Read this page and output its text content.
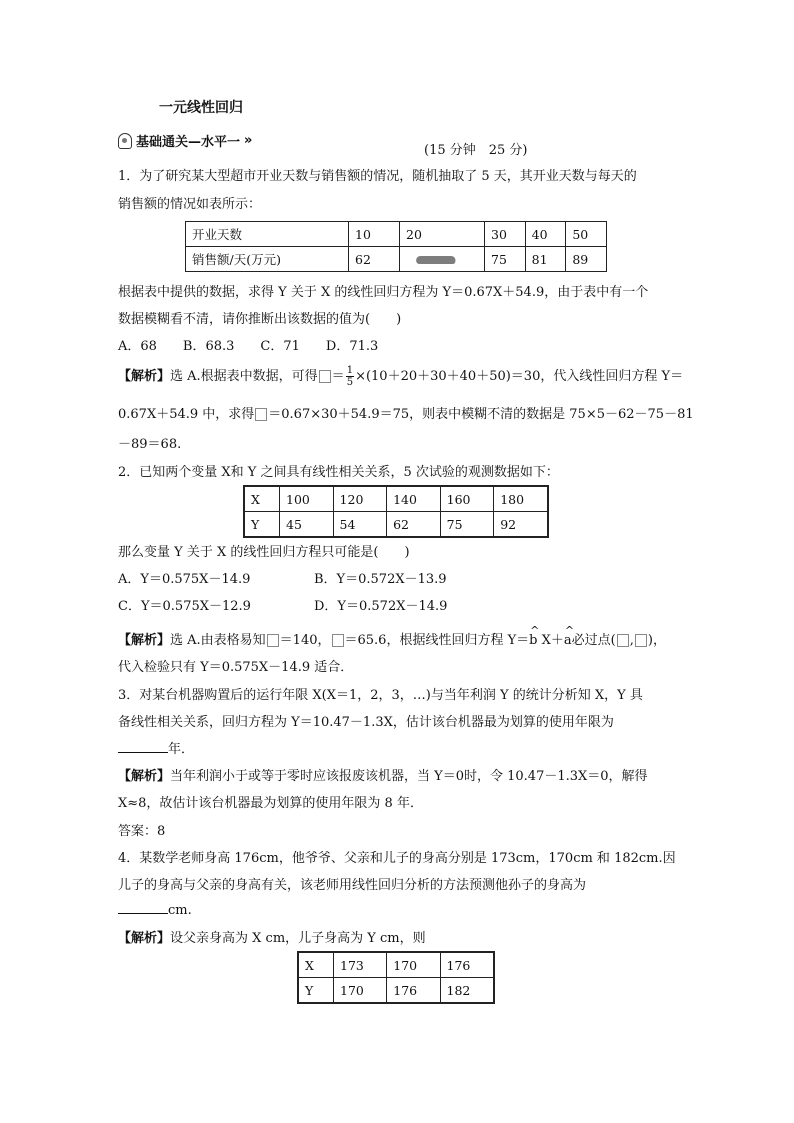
一元线性回归
基础通关—水平一 »
(15 分钟　25 分)
1．为了研究某大型超市开业天数与销售额的情况，随机抽取了 5 天，其开业天数与每天的
销售额的情况如表所示：
开业天数	10	20	30	40	50
销售额/天(万元)	62		75	81	89
根据表中提供的数据，求得 Y 关于 X 的线性回归方程为 Y＝0.67X＋54.9，由于表中有一个
数据模糊看不清，请你推断出该数据的值为(　　)
A．68　　B．68.3　　C．71　　D．71.3
【解析】选 A.根据表中数据，可得 ＝ $\frac{1}{5} \times(10+20+30+40+50)=30$，代入线性回归方程 Y＝
0.67X＋54.9 中，求得 ＝0.67×30＋54.9＝75，则表中模糊不清的数据是 75×5－62－75－81
－89＝68.
2．已知两个变量 X和 Y 之间具有线性相关关系，5 次试验的观测数据如下：
X	100	120	140	160	180
Y	45	54	62	75	92
那么变量 Y 关于 X 的线性回归方程只可能是(　　)
A．Y＝0.575X－14.9	B．Y＝0.572X－13.9
C．Y＝0.575X－12.9	D．Y＝0.572X－14.9
【解析】选 A.由表格易知 ＝140， ＝65.6，根据线性回归方程 Y＝^ b X＋^ a必过点( , )，
代入检验只有 Y＝0.575X－14.9 适合．
3．对某台机器购置后的运行年限 X(X＝1，2，3，…)与当年利润 Y 的统计分析知 X，Y 具
备线性相关关系，回归方程为 Y＝10.47－1.3X，估计该台机器最为划算的使用年限为
年．
【解析】当年利润小于或等于零时应该报废该机器，当 Y＝0时，令 10.47－1.3X＝0，解得
X≈8，故估计该台机器最为划算的使用年限为 8 年．
答案：8
4．某数学老师身高 176cm，他爷爷、父亲和儿子的身高分别是 173cm，170cm 和 182cm.因
儿子的身高与父亲的身高有关，该老师用线性回归分析的方法预测他孙子的身高为
cm.
【解析】设父亲身高为 X cm，儿子身高为 Y cm，则
X	173	170	176
Y	170	176	182
